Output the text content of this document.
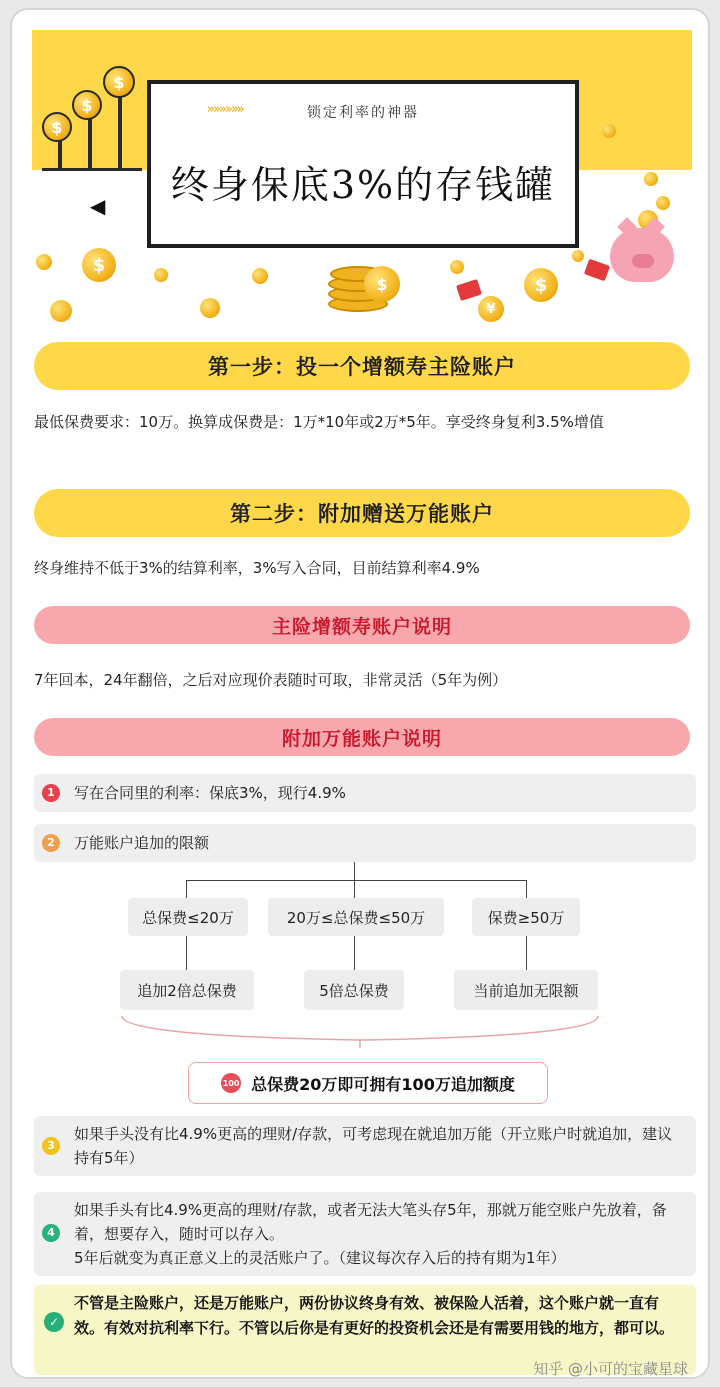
$
$
$
◀
$
$
¥
$
»»»»»»	锁定利率的神器
终身保底3%的存钱罐
第一步：投一个增额寿主险账户
最低保费要求：10万。换算成保费是：1万*10年或2万*5年。享受终身复利3.5%增值
第二步：附加赠送万能账户
终身维持不低于3%的结算利率，3%写入合同，目前结算利率4.9%
主险增额寿账户说明
7年回本，24年翻倍，之后对应现价表随时可取，非常灵活（5年为例）
附加万能账户说明
1	写在合同里的利率：保底3%，现行4.9%
2	万能账户追加的限额
总保费≤20万	20万≤总保费≤50万	保费≥50万
追加2倍总保费	5倍总保费	当前追加无限额
100 总保费20万即可拥有100万追加额度
3
如果手头没有比4.9%更高的理财/存款，可考虑现在就追加万能（开立账户时就追加，建议持有5年）
4
如果手头有比4.9%更高的理财/存款，或者无法大笔头存5年，那就万能空账户先放着，备着，想要存入，随时可以存入。
5年后就变为真正意义上的灵活账户了。（建议每次存入后的持有期为1年）
✓
不管是主险账户，还是万能账户，两份协议终身有效、被保险人活着，这个账户就一直有效。有效对抗利率下行。不管以后你是有更好的投资机会还是有需要用钱的地方，都可以。
知乎 @小可的宝藏星球
